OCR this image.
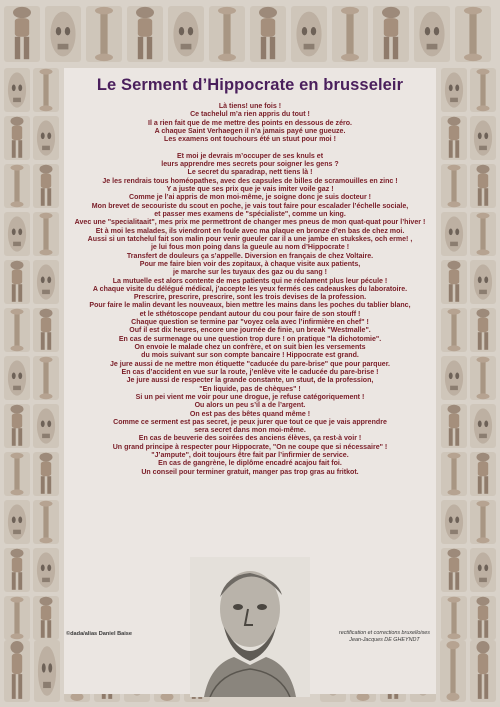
Le Serment d’Hippocrate en brusseleir
Là tiens! une fois !
Ce tachelul m’a rien appris du tout !
Il a rien fait que de me mettre des points en dessous de zéro.
A chaque Saint Verhaegen il n’a jamais payé une gueuze.
Les examens ont touchours été un stuut pour moi !
Et moi je devrais m’occuper de ses knuls et
leurs apprendre mes secrets pour soigner les gens ?
Le secret du sparadrap, nett tiens là !
Je les rendrais tous homéopathes, avec des capsules de billes de scramouilles en zinc !
Y a juste que ses prix que je vais imiter voile gaz !
Comme je l’ai appris de mon moi-même, je soigne donc je suis docteur !
Mon brevet de secouriste du scout en poche, je vais tout faire pour escalader l’échelle sociale,
et passer mes examens de "spécialiste", comme un king.
Avec une "specialitaait", mes prix me permettront de changer mes pneus de mon quat-quat pour l’hiver !
Et à moi les malades, ils viendront en foule avec ma plaque en bronze d’en bas de chez moi.
Aussi si un tatchelul fait son malin pour venir gueuler car il a une jambe en stukskes, och erme! ,
je lui fous mon poing dans la gueule au nom d’Hippocrate !
Transfert de douleurs ça s’appelle. Diversion en français de chez Voltaire.
Pour me faire bien voir des zopitaux, à chaque visite aux patients,
je marche sur les tuyaux des gaz ou du sang !
La mutuelle est alors contente de mes patients qui ne réclament plus leur pécule !
A chaque visite du délégué médical, j’accepte les yeux fermés ces cadeauskes du laboratoire.
Prescrire, prescrire, prescrire, sont les trois devises de la profession.
Pour faire le malin devant les nouveaux, bien mettre les mains dans les poches du tablier blanc,
et le sthétoscope pendant autour du cou pour faire de son stouff !
Chaque question se termine par "voyez cela avec l’infirmière en chef" !
Ouf il est dix heures, encore une journée de finie, un break "Westmalle".
En cas de surmenage ou une question trop dure ! on pratique "la dichotomie".
On envoie le malade chez un confrère, et on suit bien les versements
du mois suivant sur son compte bancaire ! Hippocrate est grand.
Je jure aussi de ne mettre mon étiquette "caducée du pare-brise" que pour parquer.
En cas d’accident en vue sur la route, j’enlève vite le caducée du pare-brise !
Je jure aussi de respecter la grande constante, un stuut, de la profession,
"En liquide, pas de chèques" !
Si un pei vient me voir pour une drogue, je refuse catégoriquement !
Ou alors un peu s’il a de l’argent.
On est pas des bêtes quand même !
Comme ce serment est pas secret, je peux jurer que tout ce que je vais apprendre
sera secret dans mon moi-même.
En cas de beuverie des soirées des anciens élèves, ça rest-à voir !
Un grand principe à respecter pour Hippocrate, "On ne coupe que si nécessaire" !
"J’ampute", doit toujours être fait par l’infirmier de service.
En cas de gangrène, le diplôme encadré acajou fait foi.
Un conseil pour terminer gratuit, manger pas trop gras au fritkot.
©dada/alias Daniel Baise	rectification et corrections bruxelloises
Jean-Jacques DE GHEYNDT
